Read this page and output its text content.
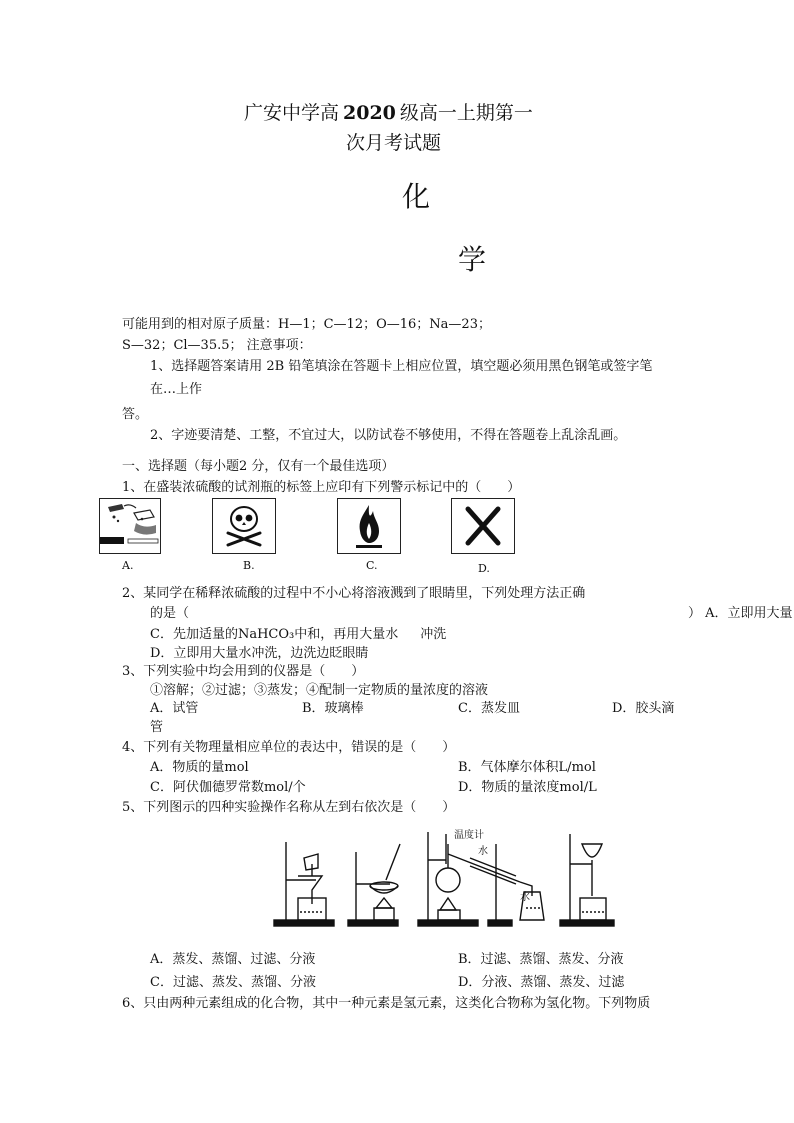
广安中学高 2020 级高一上期第一
次月考试题
化
学
可能用到的相对原子质量：H—1；C—12；O—16；Na—23；
S—32；Cl—35.5； 注意事项：
1、选择题答案请用 2B 铅笔填涂在答题卡上相应位置，填空题必须用黑色钢笔或签字笔
在…上作
答。
2、字迹要清楚、工整，不宜过大，以防试卷不够使用，不得在答题卷上乱涂乱画。
一、选择题（每小题2 分，仅有一个最佳选项）
1、在盛装浓硫酸的试剂瓶的标签上应印有下列警示标记中的（　　）
A.	B.	C.	D.
2、某同学在稀释浓硫酸的过程中不小心将溶液溅到了眼睛里，下列处理方法正确
的是（	） A．立即用大量
C．先加适量的NaHCO₃中和，再用大量水 冲洗
D．立即用大量水冲洗，边洗边眨眼睛
3、下列实验中均会用到的仪器是（　　）
①溶解；②过滤；③蒸发；④配制一定物质的量浓度的溶液
A．试管	B．玻璃棒	C．蒸发皿	D．胶头滴
管
4、下列有关物理量相应单位的表达中，错误的是（　　）
A．物质的量mol	B．气体摩尔体积L/mol
C．阿伏伽德罗常数mol/个	D．物质的量浓度mol/L
5、下列图示的四种实验操作名称从左到右依次是（　　）
温度计
水
水
A．蒸发、蒸馏、过滤、分液	B．过滤、蒸馏、蒸发、分液
C．过滤、蒸发、蒸馏、分液	D．分液、蒸馏、蒸发、过滤
6、只由两种元素组成的化合物，其中一种元素是氢元素，这类化合物称为氢化物。下列物质
